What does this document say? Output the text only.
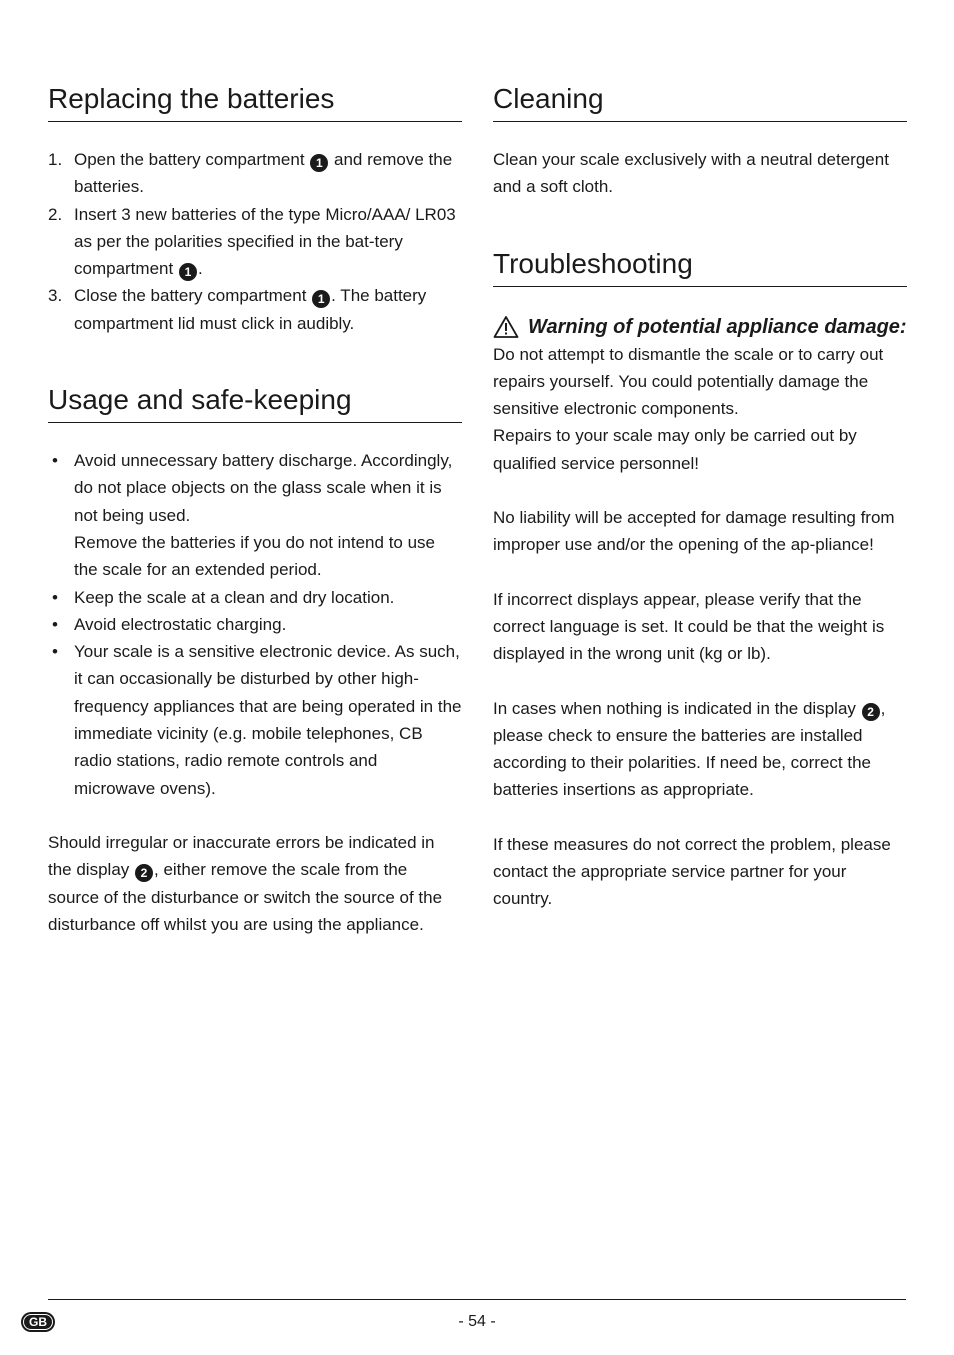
Replacing the batteries
1. Open the battery compartment 1 and remove the batteries.
2. Insert 3 new batteries of the type Micro/AAA/ LR03 as per the polarities specified in the bat-tery compartment 1 .
3. Close the battery compartment 1 . The battery compartment lid must click in audibly.
Usage and safe-keeping
• Avoid unnecessary battery discharge. Accordingly, do not place objects on the glass scale when it is not being used.
Remove the batteries if you do not intend to use the scale for an extended period.
• Keep the scale at a clean and dry location.
• Avoid electrostatic charging.
• Your scale is a sensitive electronic device. As such, it can occasionally be disturbed by other high-frequency appliances that are being operated in the immediate vicinity (e.g. mobile telephones, CB radio stations, radio remote controls and microwave ovens).

Should irregular or inaccurate errors be indicated in the display 2 , either remove the scale from the source of the disturbance or switch the source of the disturbance off whilst you are using the appliance.

Cleaning

Clean your scale exclusively with a neutral detergent and a soft cloth.

Troubleshooting
Warning of potential appliance damage:

Do not attempt to dismantle the scale or to carry out repairs yourself. You could potentially damage the sensitive electronic components.

Repairs to your scale may only be carried out by qualified service personnel!

No liability will be accepted for damage resulting from improper use and/or the opening of the ap-pliance!

If incorrect displays appear, please verify that the correct language is set. It could be that the weight is displayed in the wrong unit (kg or lb).

In cases when nothing is indicated in the display 2 , please check to ensure the batteries are installed according to their polarities. If need be, correct the batteries insertions as appropriate.

If these measures do not correct the problem, please contact the appropriate service partner for your country.

GB	- 54 -
